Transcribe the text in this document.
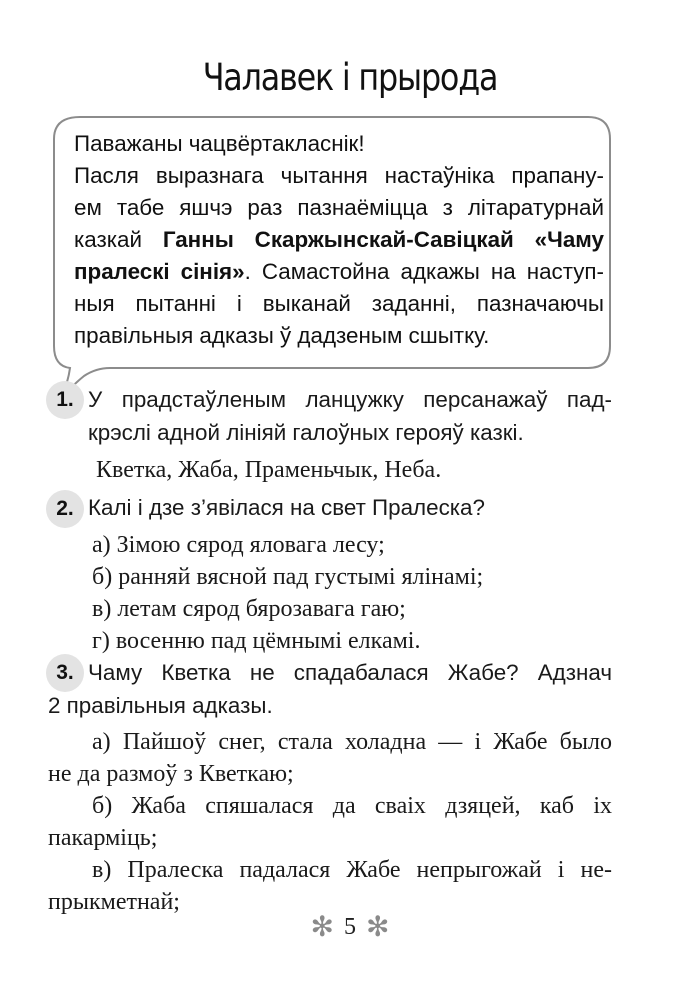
Чалавек і прырода
Паважаны чацвёртакласнік!
Пасля выразнага чытання настаўніка прапану-
ем табе яшчэ раз пазнаёміцца з літаратурнай
казкай Ганны Скаржынскай-Савіцкай «Чаму
пралескі сінія». Самастойна адкажы на наступ-
ныя пытанні і выканай заданні, пазначаючы
правільныя адказы ў дадзеным сшытку.
1. У прадстаўленым ланцужку персанажаў пад-
крэслі адной лініяй галоўных герояў казкі.
Кветка, Жаба, Праменьчык, Неба.
2. Калі і дзе з’явілася на свет Пралеска?
а) Зімою сярод яловага лесу;
б) ранняй вясной пад густымі ялінамі;
в) летам сярод бярозавага гаю;
г) восенню пад цёмнымі елкамі.
3. Чаму Кветка не спадабалася Жабе? Адзнач
2 правільныя адказы.
а) Пайшоў снег, стала холадна — і Жабе было
не да размоў з Кветкаю;
б) Жаба спяшалася да сваіх дзяцей, каб іх
пакарміць;
в) Пралеска падалася Жабе непрыгожай і не-
прыкметнай;
✻ 5 ✻
